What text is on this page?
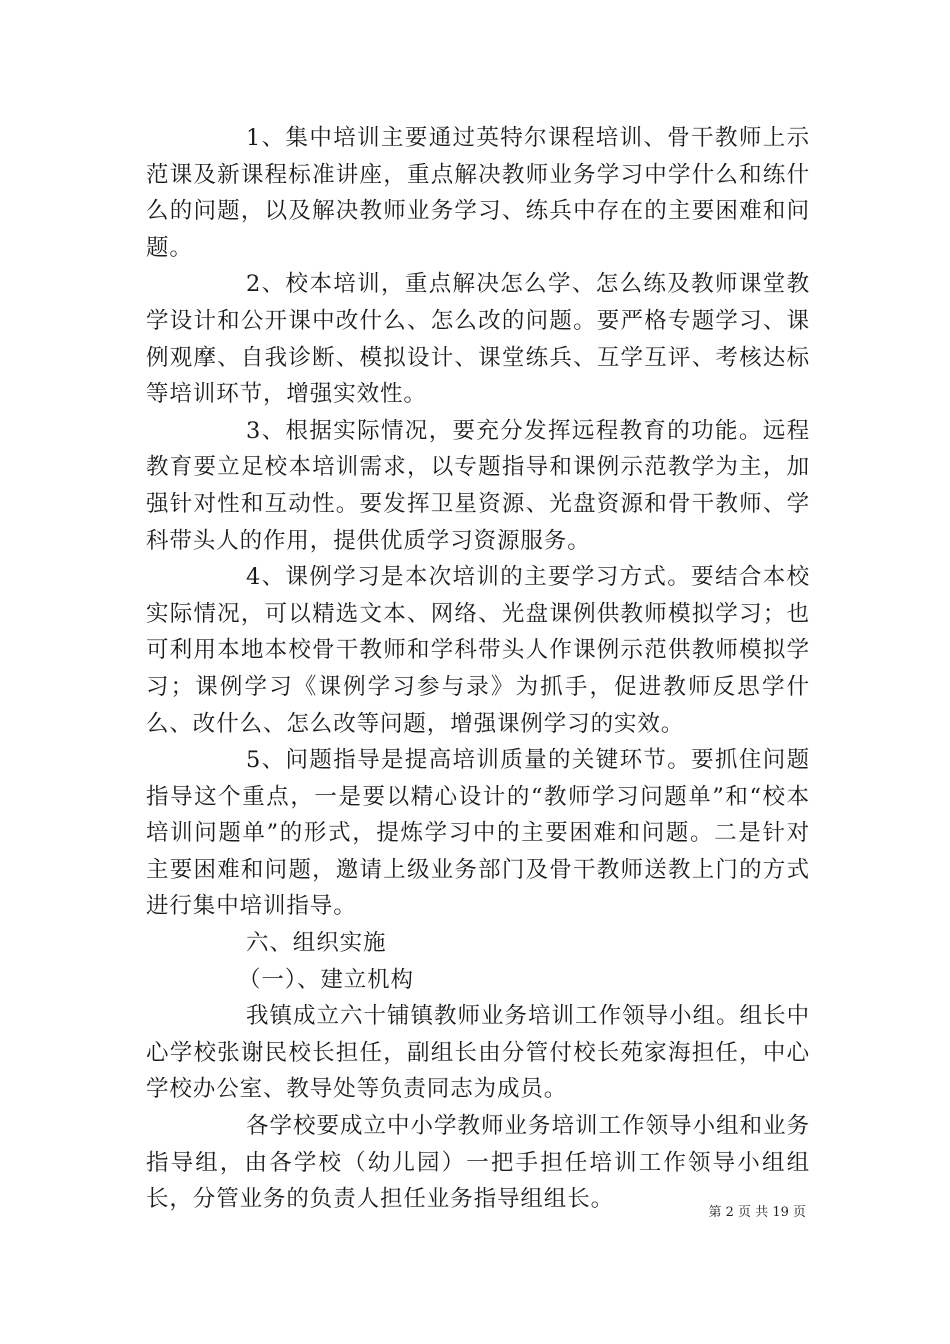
1、集中培训主要通过英特尔课程培训、骨干教师上示范课及新课程标准讲座，重点解决教师业务学习中学什么和练什么的问题，以及解决教师业务学习、练兵中存在的主要困难和问题。

2、校本培训，重点解决怎么学、怎么练及教师课堂教学设计和公开课中改什么、怎么改的问题。要严格专题学习、课例观摩、自我诊断、模拟设计、课堂练兵、互学互评、考核达标等培训环节，增强实效性。

3、根据实际情况，要充分发挥远程教育的功能。远程教育要立足校本培训需求，以专题指导和课例示范教学为主，加强针对性和互动性。要发挥卫星资源、光盘资源和骨干教师、学科带头人的作用，提供优质学习资源服务。

4、课例学习是本次培训的主要学习方式。要结合本校实际情况，可以精选文本、网络、光盘课例供教师模拟学习；也可利用本地本校骨干教师和学科带头人作课例示范供教师模拟学习；课例学习《课例学习参与录》为抓手，促进教师反思学什么、改什么、怎么改等问题，增强课例学习的实效。

5、问题指导是提高培训质量的关键环节。要抓住问题指导这个重点，一是要以精心设计的“教师学习问题单”和“校本培训问题单”的形式，提炼学习中的主要困难和问题。二是针对主要困难和问题，邀请上级业务部门及骨干教师送教上门的方式进行集中培训指导。

六、组织实施

（一）、建立机构

我镇成立六十铺镇教师业务培训工作领导小组。组长中心学校张谢民校长担任，副组长由分管付校长苑家海担任，中心学校办公室、教导处等负责同志为成员。

各学校要成立中小学教师业务培训工作领导小组和业务指导组，由各学校（幼儿园）一把手担任培训工作领导小组组长，分管业务的负责人担任业务指导组组长。

第 2 页 共 19 页
